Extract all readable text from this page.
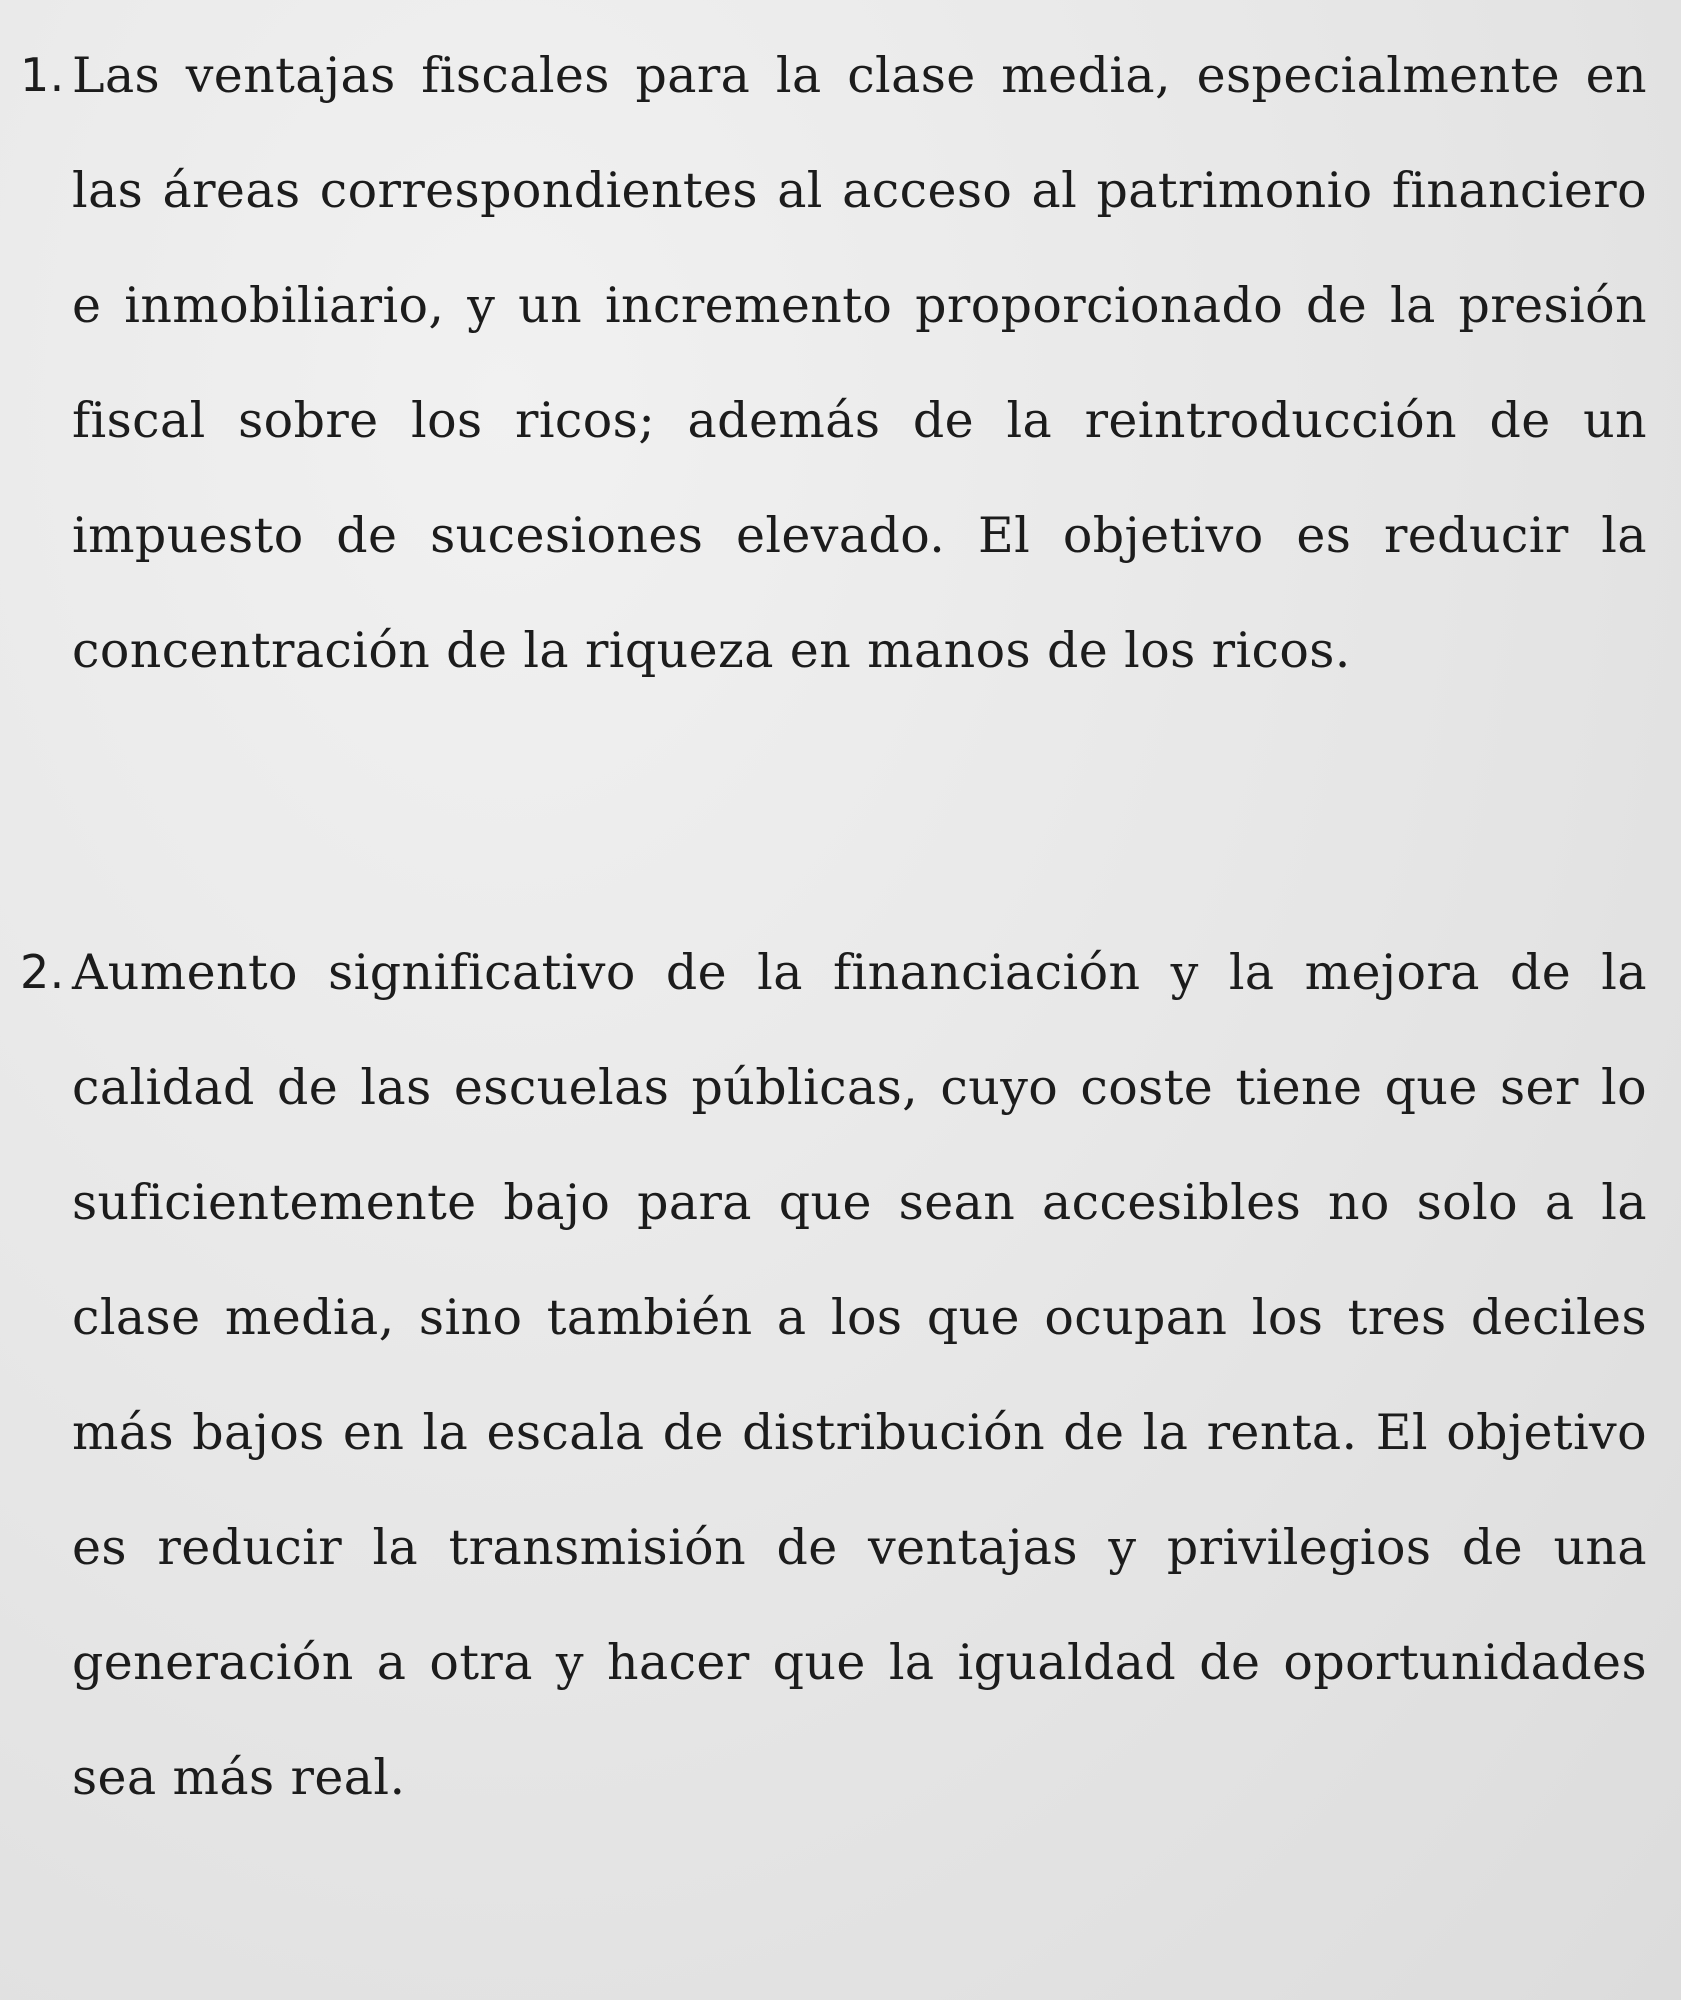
1. Las ventajas fiscales para la clase media, especialmente en las áreas correspondientes al acceso al patrimonio financiero e inmobiliario, y un incremento proporcionado de la presión fiscal sobre los ricos; además de la reintroducción de un impuesto de sucesiones elevado. El objetivo es reducir la concentración de la riqueza en manos de los ricos.
2. Aumento significativo de la financiación y la mejora de la calidad de las escuelas públicas, cuyo coste tiene que ser lo suficientemente bajo para que sean accesibles no solo a la clase media, sino también a los que ocupan los tres deciles más bajos en la escala de distribución de la renta. El objetivo es reducir la transmisión de ventajas y privilegios de una generación a otra y hacer que la igualdad de oportunidades sea más real.
